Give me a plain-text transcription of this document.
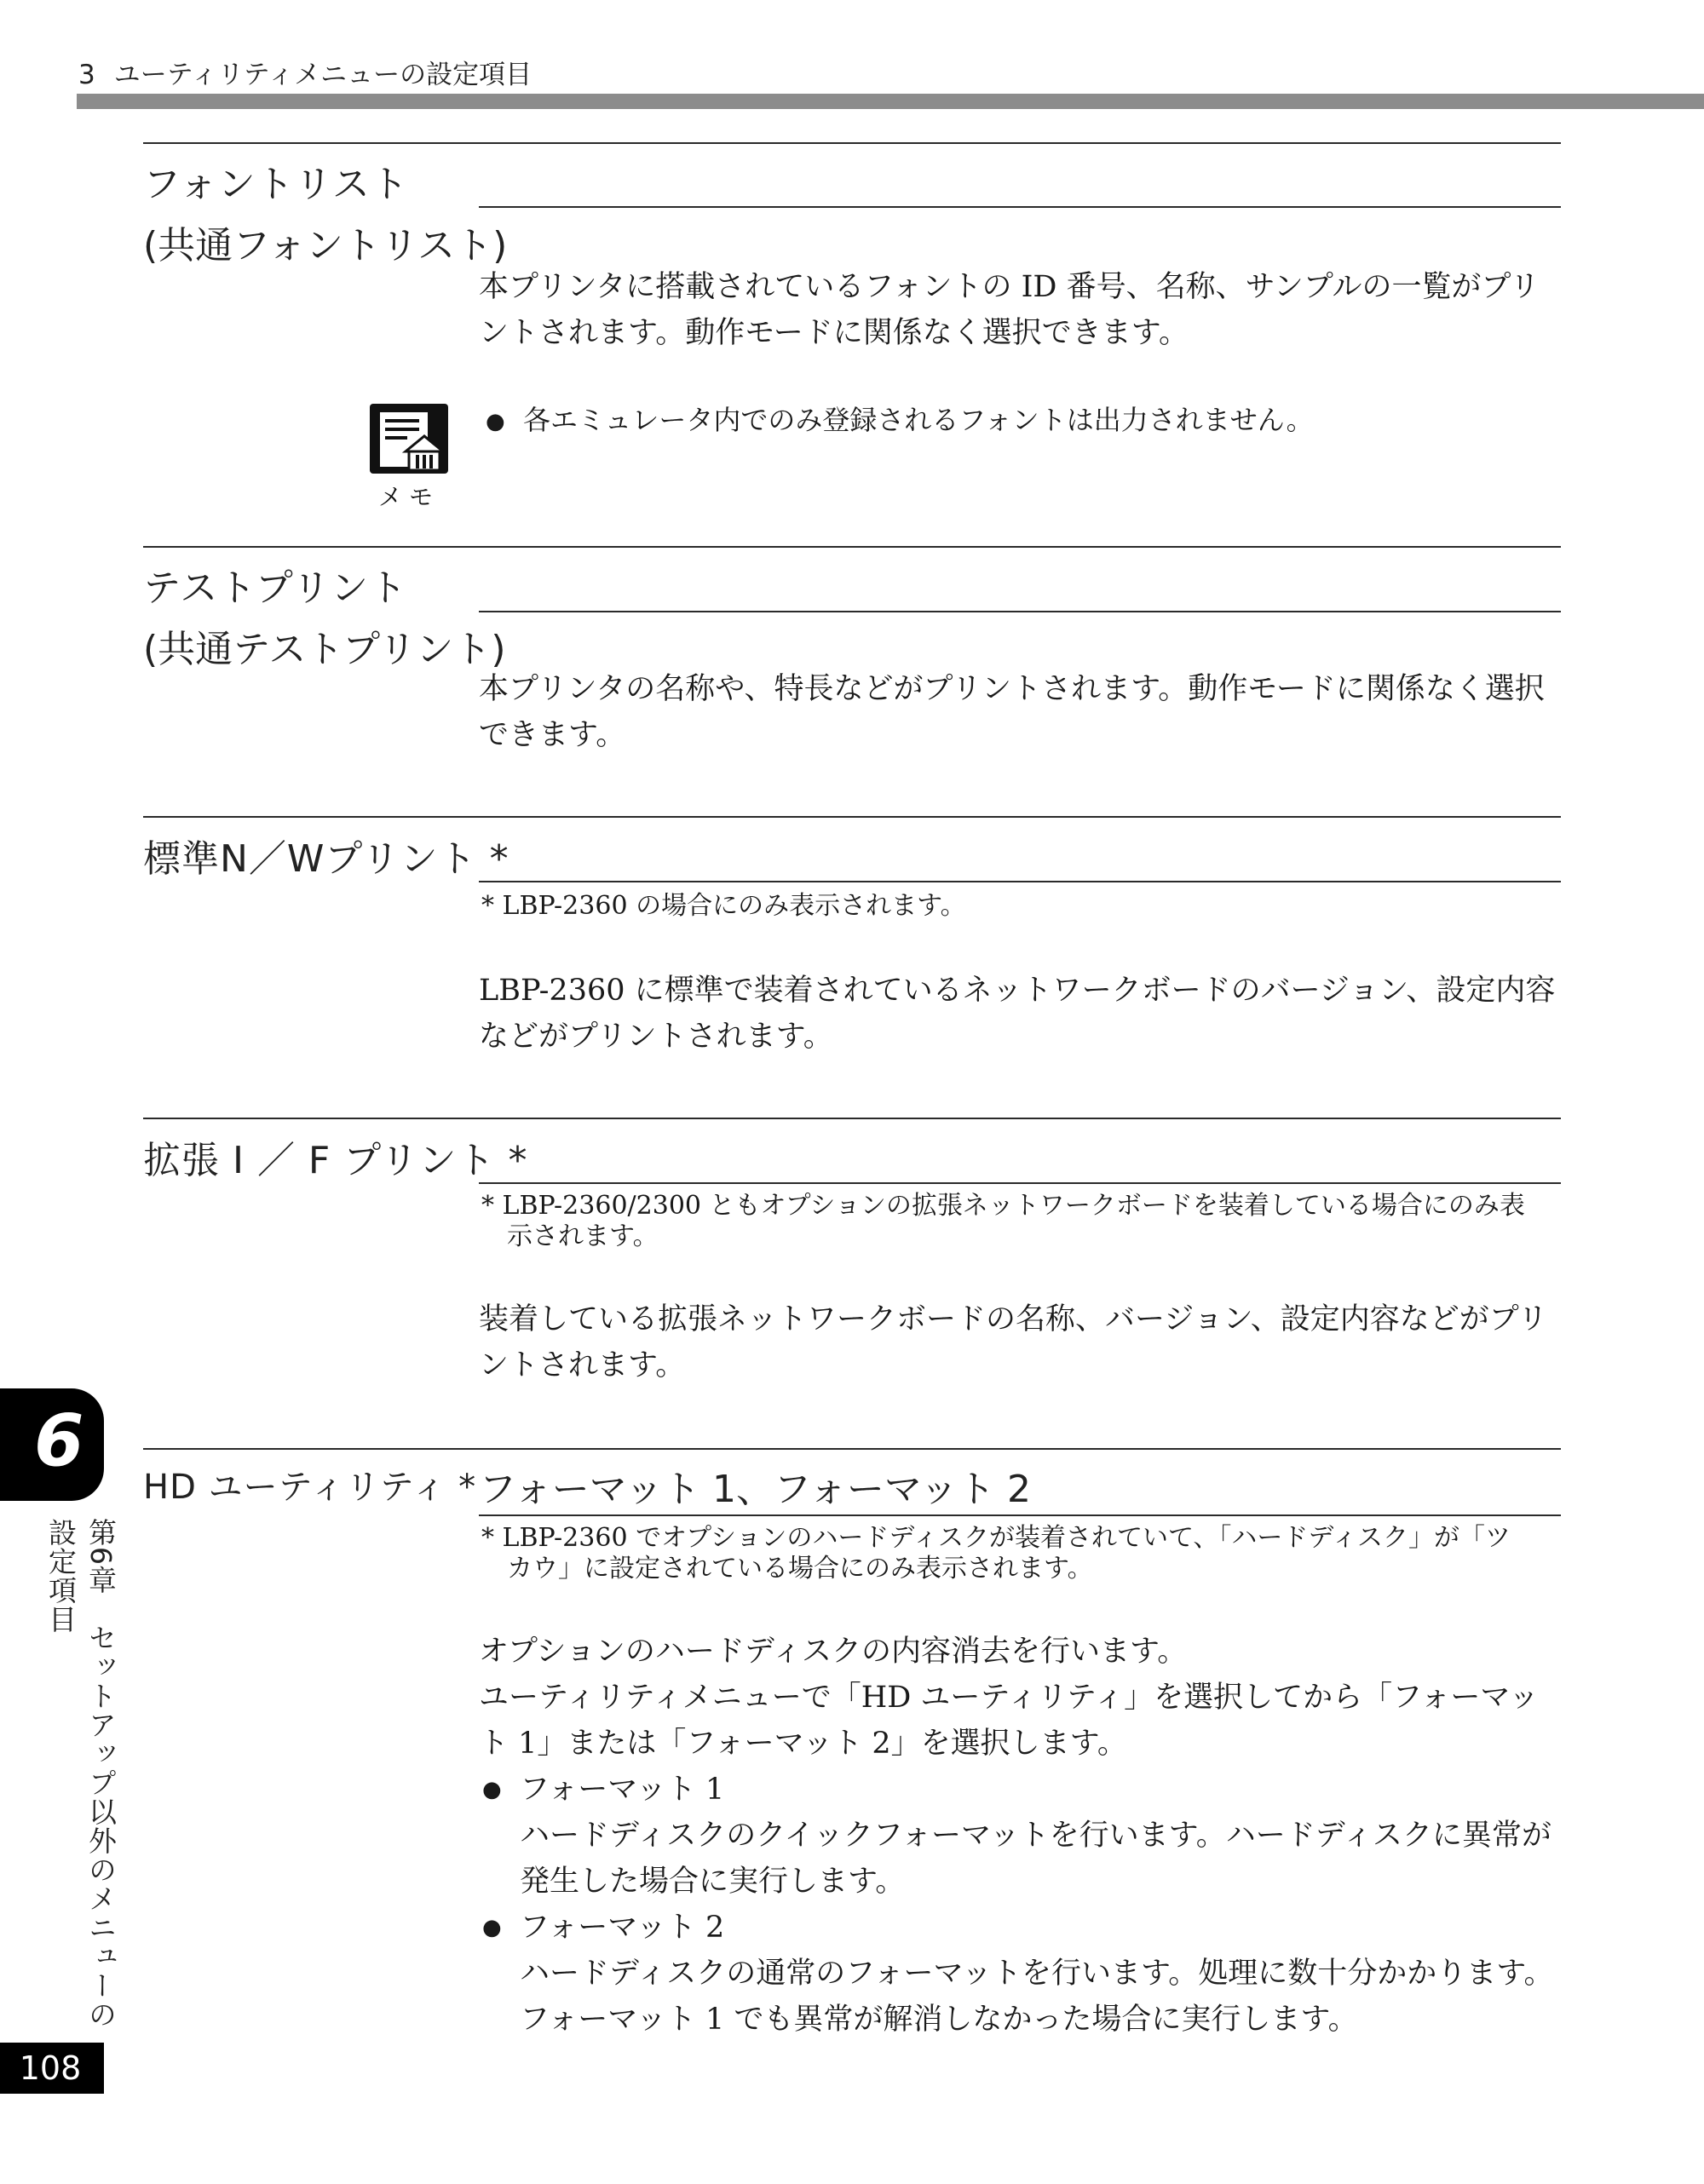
3 ユーティリティメニューの設定項目
フォントリスト
(共通フォントリスト)
本プリンタに搭載されているフォントの ID 番号、名称、サンプルの一覧がプリ
ントされます。動作モードに関係なく選択できます。
メモ
● 各エミュレータ内でのみ登録されるフォントは出力されません。
テストプリント
(共通テストプリント)
本プリンタの名称や、特長などがプリントされます。動作モードに関係なく選択
できます。
標準N／Wプリント *
* LBP-2360 の場合にのみ表示されます。
LBP-2360 に標準で装着されているネットワークボードのバージョン、設定内容
などがプリントされます。
拡張 I ／ F プリント *
* LBP-2360/2300 ともオプションの拡張ネットワークボードを装着している場合にのみ表
示されます。
装着している拡張ネットワークボードの名称、バージョン、設定内容などがプリ
ントされます。
HD ユーティリティ * フォーマット 1、フォーマット 2
* LBP-2360 でオプションのハードディスクが装着されていて、「ハードディスク」が「ツ
カウ」に設定されている場合にのみ表示されます。
オプションのハードディスクの内容消去を行います。
ユーティリティメニューで「HD ユーティリティ」を選択してから「フォーマッ
ト 1」または「フォーマット 2」を選択します。
● フォーマット 1
ハードディスクのクイックフォーマットを行います。ハードディスクに異常が
発生した場合に実行します。
● フォーマット 2
ハードディスクの通常のフォーマットを行います。処理に数十分かかります。
フォーマット 1 でも異常が解消しなかった場合に実行します。
6
第6章　セットアップ以外のメニューの設定項目
108
